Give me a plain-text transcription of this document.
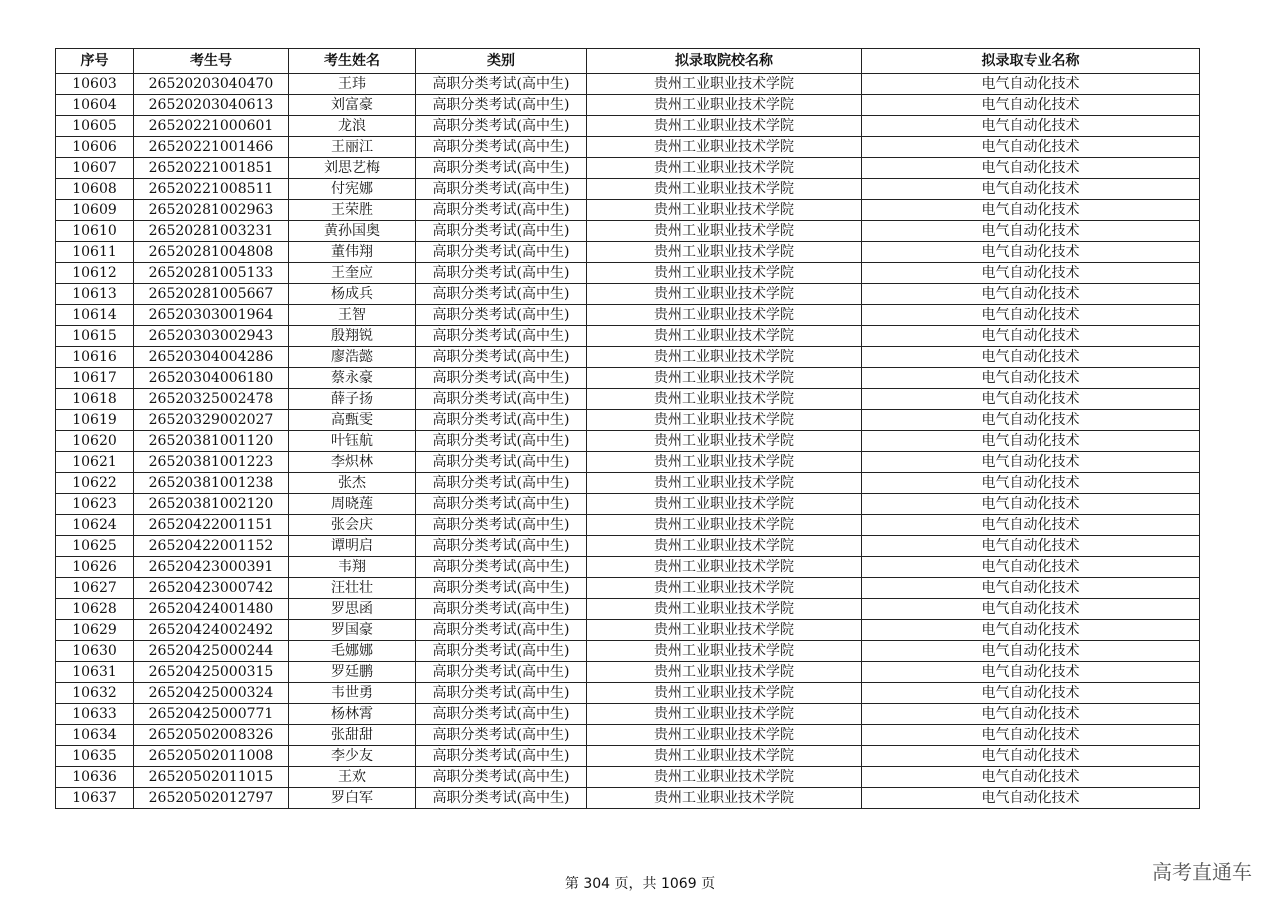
序号	考生号	考生姓名	类别	拟录取院校名称	拟录取专业名称
10603	26520203040470	王玮	高职分类考试(高中生)	贵州工业职业技术学院	电气自动化技术
10604	26520203040613	刘富豪	高职分类考试(高中生)	贵州工业职业技术学院	电气自动化技术
10605	26520221000601	龙浪	高职分类考试(高中生)	贵州工业职业技术学院	电气自动化技术
10606	26520221001466	王丽江	高职分类考试(高中生)	贵州工业职业技术学院	电气自动化技术
10607	26520221001851	刘思艺梅	高职分类考试(高中生)	贵州工业职业技术学院	电气自动化技术
10608	26520221008511	付宪娜	高职分类考试(高中生)	贵州工业职业技术学院	电气自动化技术
10609	26520281002963	王荣胜	高职分类考试(高中生)	贵州工业职业技术学院	电气自动化技术
10610	26520281003231	黄孙国奥	高职分类考试(高中生)	贵州工业职业技术学院	电气自动化技术
10611	26520281004808	董伟翔	高职分类考试(高中生)	贵州工业职业技术学院	电气自动化技术
10612	26520281005133	王奎应	高职分类考试(高中生)	贵州工业职业技术学院	电气自动化技术
10613	26520281005667	杨成兵	高职分类考试(高中生)	贵州工业职业技术学院	电气自动化技术
10614	26520303001964	王智	高职分类考试(高中生)	贵州工业职业技术学院	电气自动化技术
10615	26520303002943	殷翔锐	高职分类考试(高中生)	贵州工业职业技术学院	电气自动化技术
10616	26520304004286	廖浩懿	高职分类考试(高中生)	贵州工业职业技术学院	电气自动化技术
10617	26520304006180	蔡永豪	高职分类考试(高中生)	贵州工业职业技术学院	电气自动化技术
10618	26520325002478	薛子扬	高职分类考试(高中生)	贵州工业职业技术学院	电气自动化技术
10619	26520329002027	高甄雯	高职分类考试(高中生)	贵州工业职业技术学院	电气自动化技术
10620	26520381001120	叶钰航	高职分类考试(高中生)	贵州工业职业技术学院	电气自动化技术
10621	26520381001223	李炽林	高职分类考试(高中生)	贵州工业职业技术学院	电气自动化技术
10622	26520381001238	张杰	高职分类考试(高中生)	贵州工业职业技术学院	电气自动化技术
10623	26520381002120	周晓莲	高职分类考试(高中生)	贵州工业职业技术学院	电气自动化技术
10624	26520422001151	张会庆	高职分类考试(高中生)	贵州工业职业技术学院	电气自动化技术
10625	26520422001152	谭明启	高职分类考试(高中生)	贵州工业职业技术学院	电气自动化技术
10626	26520423000391	韦翔	高职分类考试(高中生)	贵州工业职业技术学院	电气自动化技术
10627	26520423000742	汪壮壮	高职分类考试(高中生)	贵州工业职业技术学院	电气自动化技术
10628	26520424001480	罗思函	高职分类考试(高中生)	贵州工业职业技术学院	电气自动化技术
10629	26520424002492	罗国豪	高职分类考试(高中生)	贵州工业职业技术学院	电气自动化技术
10630	26520425000244	毛娜娜	高职分类考试(高中生)	贵州工业职业技术学院	电气自动化技术
10631	26520425000315	罗廷鹏	高职分类考试(高中生)	贵州工业职业技术学院	电气自动化技术
10632	26520425000324	韦世勇	高职分类考试(高中生)	贵州工业职业技术学院	电气自动化技术
10633	26520425000771	杨林霄	高职分类考试(高中生)	贵州工业职业技术学院	电气自动化技术
10634	26520502008326	张甜甜	高职分类考试(高中生)	贵州工业职业技术学院	电气自动化技术
10635	26520502011008	李少友	高职分类考试(高中生)	贵州工业职业技术学院	电气自动化技术
10636	26520502011015	王欢	高职分类考试(高中生)	贵州工业职业技术学院	电气自动化技术
10637	26520502012797	罗白军	高职分类考试(高中生)	贵州工业职业技术学院	电气自动化技术
第 304 页，共 1069 页	高考直通车
